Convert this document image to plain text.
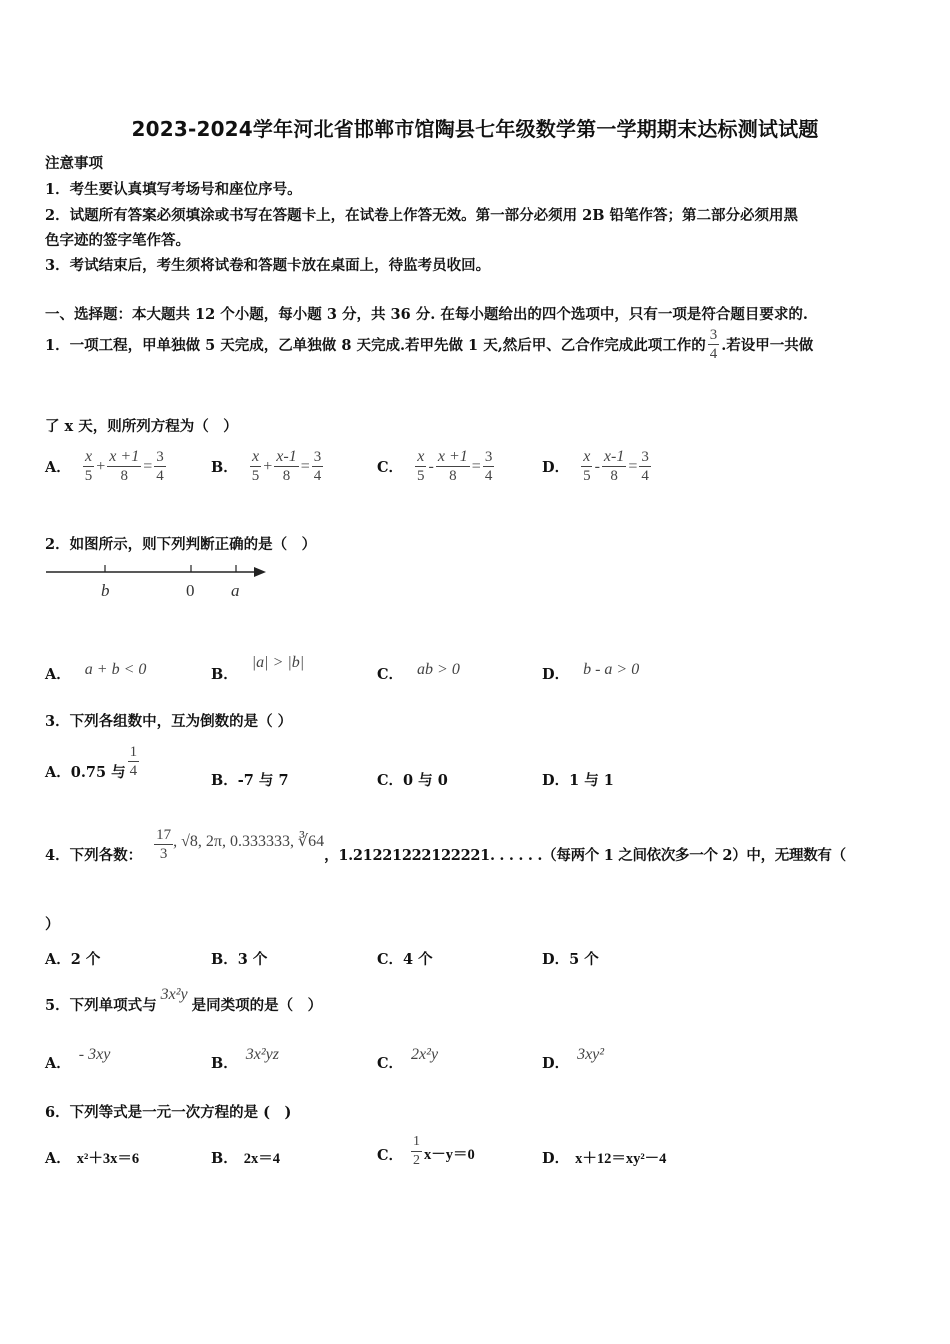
2023-2024学年河北省邯郸市馆陶县七年级数学第一学期期末达标测试试题
注意事项
1．考生要认真填写考场号和座位序号。
2．试题所有答案必须填涂或书写在答题卡上，在试卷上作答无效。第一部分必须用 2B 铅笔作答；第二部分必须用黑
色字迹的签字笔作答。
3．考试结束后，考生须将试卷和答题卡放在桌面上，待监考员收回。
一、选择题：本大题共 12 个小题，每小题 3 分，共 36 分. 在每小题给出的四个选项中，只有一项是符合题目要求的.
1．一项工程，甲单独做 5 天完成，乙单独做 8 天完成.若甲先做 1 天,然后甲、乙合作完成此项工作的 $\frac{3}{4}$ .若设甲一共做
了 x 天，则所列方程为（　）
A． $\frac{x}{5} + \frac{x +1}{8} = \frac{3}{4}$	B． $\frac{x}{5} + \frac{x-1}{8} = \frac{3}{4}$	C． $\frac{x}{5} - \frac{x +1}{8} = \frac{3}{4}$	D． $\frac{x}{5} - \frac{x-1}{8} = \frac{3}{4}$
2．如图所示，则下列判断正确的是（　）
b	0 a
A． a + b < 0	B．
|a| > |b|
C． ab > 0	D． b - a > 0
3．下列各组数中，互为倒数的是（ ）
A． 0.75 与 $\frac{1}{4}$
B． -7 与 7	C． 0 与 0	D． 1 与 1
4．下列各数： $\frac{17}{3}$ , √8, 2π, 0.333333, ∛64
，1.21221222122221. . . . . .（每两个 1 之间依次多一个 2）中，无理数有（
）
A． 2 个	B． 3 个	C． 4 个	D． 5 个
5．下列单项式与
3x²y
是同类项的是（　）
A．
- 3xy
B．
3x²yz
C．
2x²y
D．
3xy²
6．下列等式是一元一次方程的是 (　)
A． x²＋3x＝6	B． 2x＝4	C． $\frac{1}{2} x-y=0$	D． x＋12＝xy²－4
